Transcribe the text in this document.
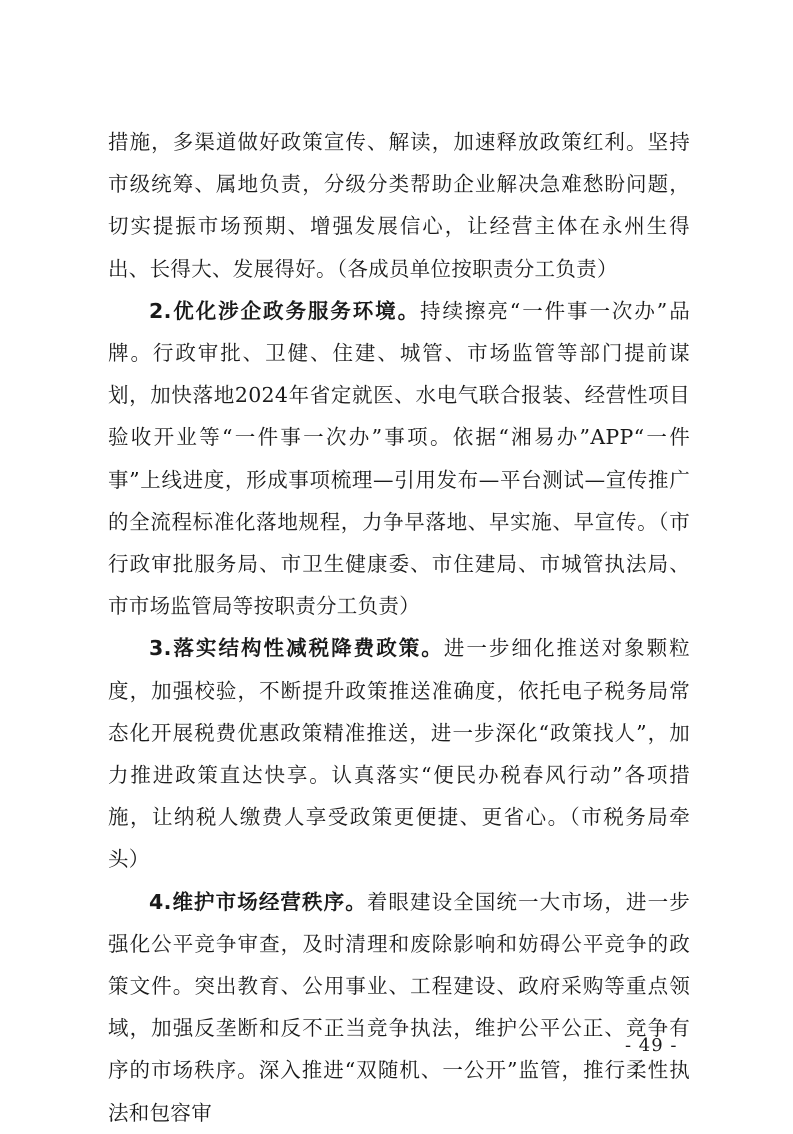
措施，多渠道做好政策宣传、解读，加速释放政策红利。坚持市级统筹、属地负责，分级分类帮助企业解决急难愁盼问题，切实提振市场预期、增强发展信心，让经营主体在永州生得出、长得大、发展得好。（各成员单位按职责分工负责）

2.优化涉企政务服务环境。持续擦亮“一件事一次办”品牌。行政审批、卫健、住建、城管、市场监管等部门提前谋划，加快落地2024年省定就医、水电气联合报装、经营性项目验收开业等“一件事一次办”事项。依据“湘易办”APP“一件事”上线进度，形成事项梳理—引用发布—平台测试—宣传推广的全流程标准化落地规程，力争早落地、早实施、早宣传。（市行政审批服务局、市卫生健康委、市住建局、市城管执法局、市市场监管局等按职责分工负责）

3.落实结构性减税降费政策。进一步细化推送对象颗粒度，加强校验，不断提升政策推送准确度，依托电子税务局常态化开展税费优惠政策精准推送，进一步深化“政策找人”，加力推进政策直达快享。认真落实“便民办税春风行动”各项措施，让纳税人缴费人享受政策更便捷、更省心。（市税务局牵头）

4.维护市场经营秩序。着眼建设全国统一大市场，进一步强化公平竞争审查，及时清理和废除影响和妨碍公平竞争的政策文件。突出教育、公用事业、工程建设、政府采购等重点领域，加强反垄断和反不正当竞争执法，维护公平公正、竞争有序的市场秩序。深入推进“双随机、一公开”监管，推行柔性执法和包容审

- 49 -
